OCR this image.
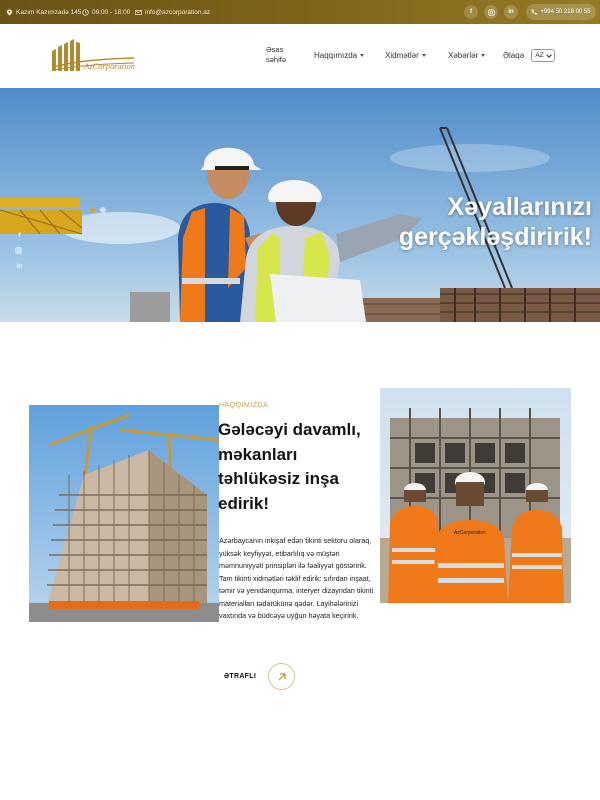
Kazım Kazımzadə 145 09:00 - 18:00 info@azcorporation.az	f	in	+994 50 218 00 55
AzCorporation
Əsas səhifə	Haqqımızda	Xidmətlər	Xəbərlər	Əlaqə AZ
Xəyallarınızı
gerçəkləşdiririk!
f
in
HAQQIMIZDA
Gələcəyi davamlı, məkanları təhlükəsiz inşa edirik!
Azərbaycanın inkişaf edən tikinti sektoru olaraq, yüksək keyfiyyət, etibarlılıq və müştəri məmnuniyyəti prinsipləri ilə fəaliyyət göstəririk. Tam tikinti xidmətləri təklif edirik: sıfırdan inşaat, təmir və yenidənqurma, interyer dizayndan tikinti materialları tədarükünə qədər. Layihələrinizi vaxtında və büdcəyə uyğun həyata keçiririk.
ƏTRAFLI
AzCorporation
